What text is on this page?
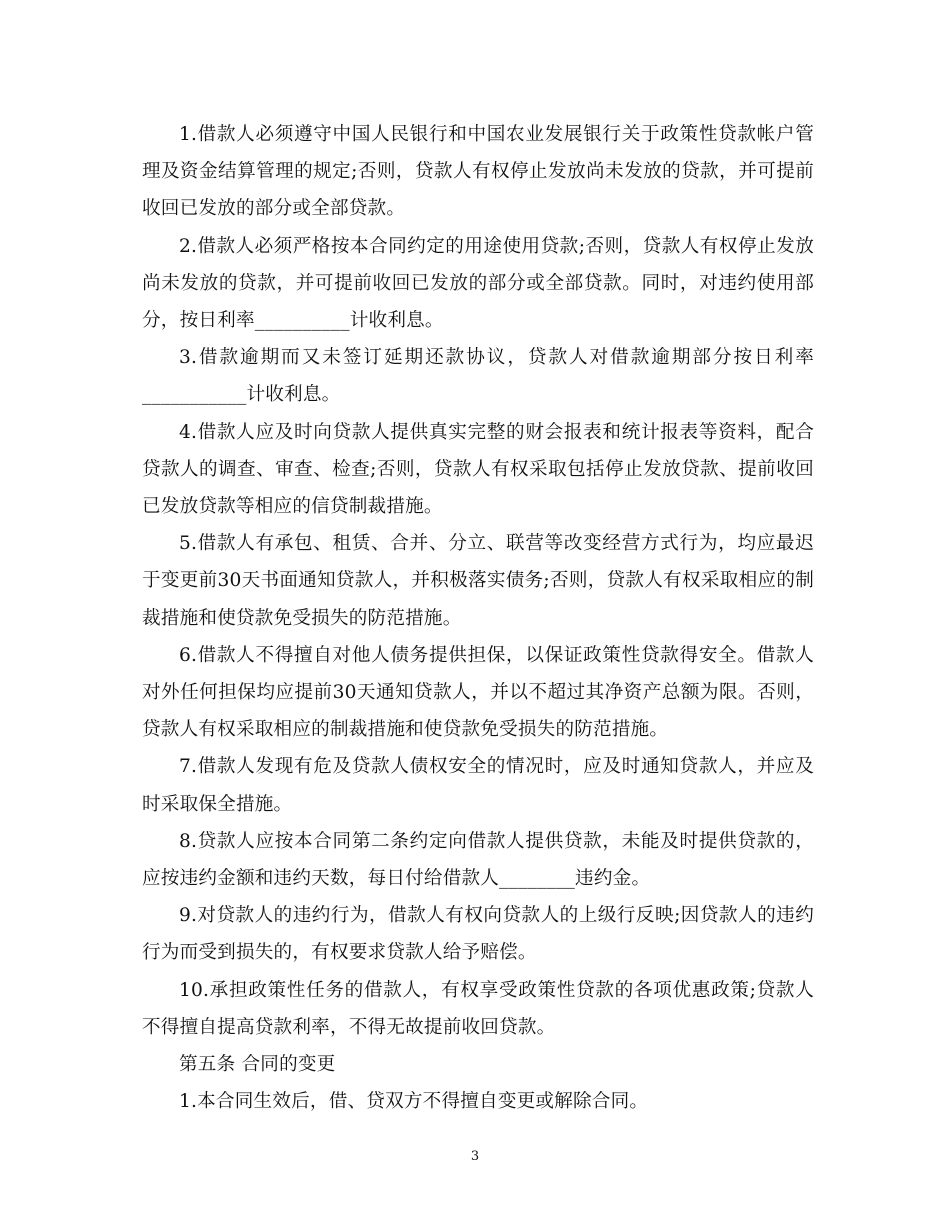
1.借款人必须遵守中国人民银行和中国农业发展银行关于政策性贷款帐户管理及资金结算管理的规定;否则，贷款人有权停止发放尚未发放的贷款，并可提前收回已发放的部分或全部贷款。

2.借款人必须严格按本合同约定的用途使用贷款;否则，贷款人有权停止发放尚未发放的贷款，并可提前收回已发放的部分或全部贷款。同时，对违约使用部分，按日利率__________计收利息。

3.借款逾期而又未签订延期还款协议，贷款人对借款逾期部分按日利率___________计收利息。

4.借款人应及时向贷款人提供真实完整的财会报表和统计报表等资料，配合贷款人的调查、审查、检查;否则，贷款人有权采取包括停止发放贷款、提前收回已发放贷款等相应的信贷制裁措施。

5.借款人有承包、租赁、合并、分立、联营等改变经营方式行为，均应最迟于变更前30天书面通知贷款人，并积极落实债务;否则，贷款人有权采取相应的制裁措施和使贷款免受损失的防范措施。

6.借款人不得擅自对他人债务提供担保，以保证政策性贷款得安全。借款人对外任何担保均应提前30天通知贷款人，并以不超过其净资产总额为限。否则，贷款人有权采取相应的制裁措施和使贷款免受损失的防范措施。

7.借款人发现有危及贷款人债权安全的情况时，应及时通知贷款人，并应及时采取保全措施。

8.贷款人应按本合同第二条约定向借款人提供贷款，未能及时提供贷款的，应按违约金额和违约天数，每日付给借款人________违约金。

9.对贷款人的违约行为，借款人有权向贷款人的上级行反映;因贷款人的违约行为而受到损失的，有权要求贷款人给予赔偿。

10.承担政策性任务的借款人，有权享受政策性贷款的各项优惠政策;贷款人不得擅自提高贷款利率，不得无故提前收回贷款。

第五条 合同的变更

1.本合同生效后，借、贷双方不得擅自变更或解除合同。

3
